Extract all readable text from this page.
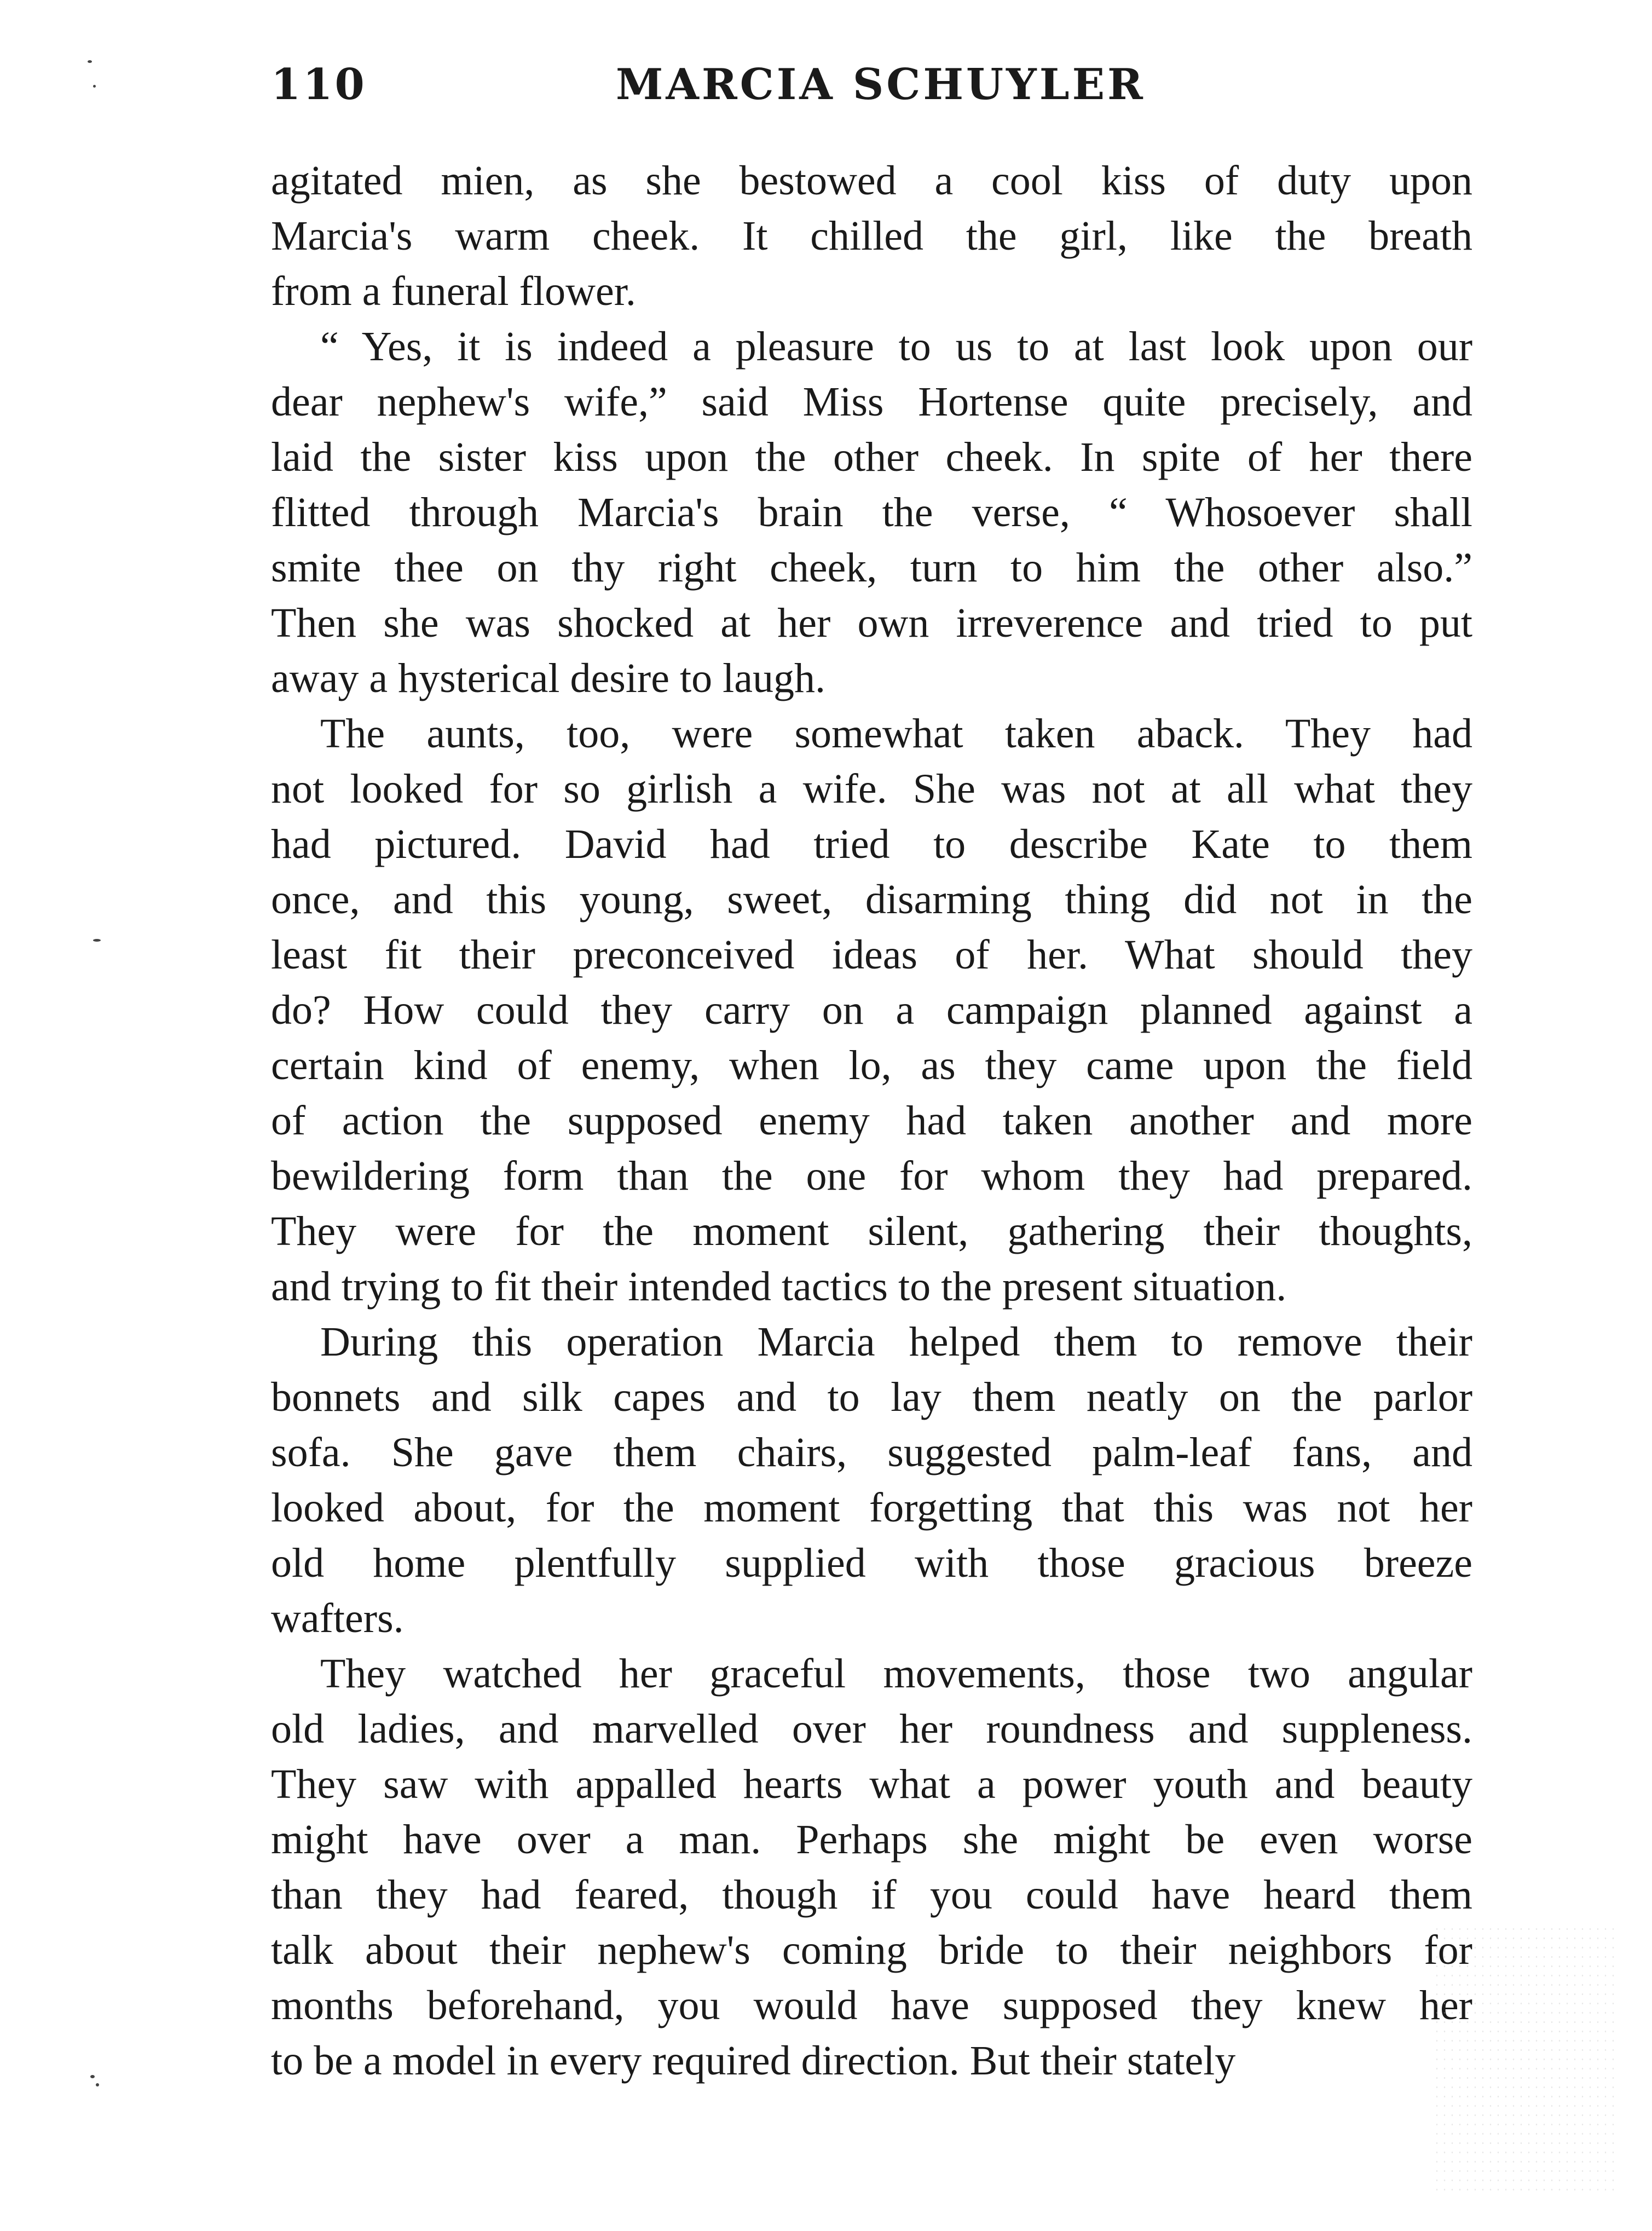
110	MARCIA SCHUYLER
agitated mien, as she bestowed a cool kiss of duty upon
Marcia's warm cheek. It chilled the girl, like the breath
from a funeral flower.
“ Yes, it is indeed a pleasure to us to at last look upon our
dear nephew's wife,” said Miss Hortense quite precisely, and
laid the sister kiss upon the other cheek. In spite of her there
flitted through Marcia's brain the verse, “ Whosoever shall
smite thee on thy right cheek, turn to him the other also.”
Then she was shocked at her own irreverence and tried to put
away a hysterical desire to laugh.
The aunts, too, were somewhat taken aback. They had
not looked for so girlish a wife. She was not at all what they
had pictured. David had tried to describe Kate to them
once, and this young, sweet, disarming thing did not in the
least fit their preconceived ideas of her. What should they
do? How could they carry on a campaign planned against a
certain kind of enemy, when lo, as they came upon the field
of action the supposed enemy had taken another and more
bewildering form than the one for whom they had prepared.
They were for the moment silent, gathering their thoughts,
and trying to fit their intended tactics to the present situation.
During this operation Marcia helped them to remove their
bonnets and silk capes and to lay them neatly on the parlor
sofa. She gave them chairs, suggested palm-leaf fans, and
looked about, for the moment forgetting that this was not her
old home plentfully supplied with those gracious breeze
wafters.
They watched her graceful movements, those two angular
old ladies, and marvelled over her roundness and suppleness.
They saw with appalled hearts what a power youth and beauty
might have over a man. Perhaps she might be even worse
than they had feared, though if you could have heard them
talk about their nephew's coming bride to their neighbors for
months beforehand, you would have supposed they knew her
to be a model in every required direction. But their stately
